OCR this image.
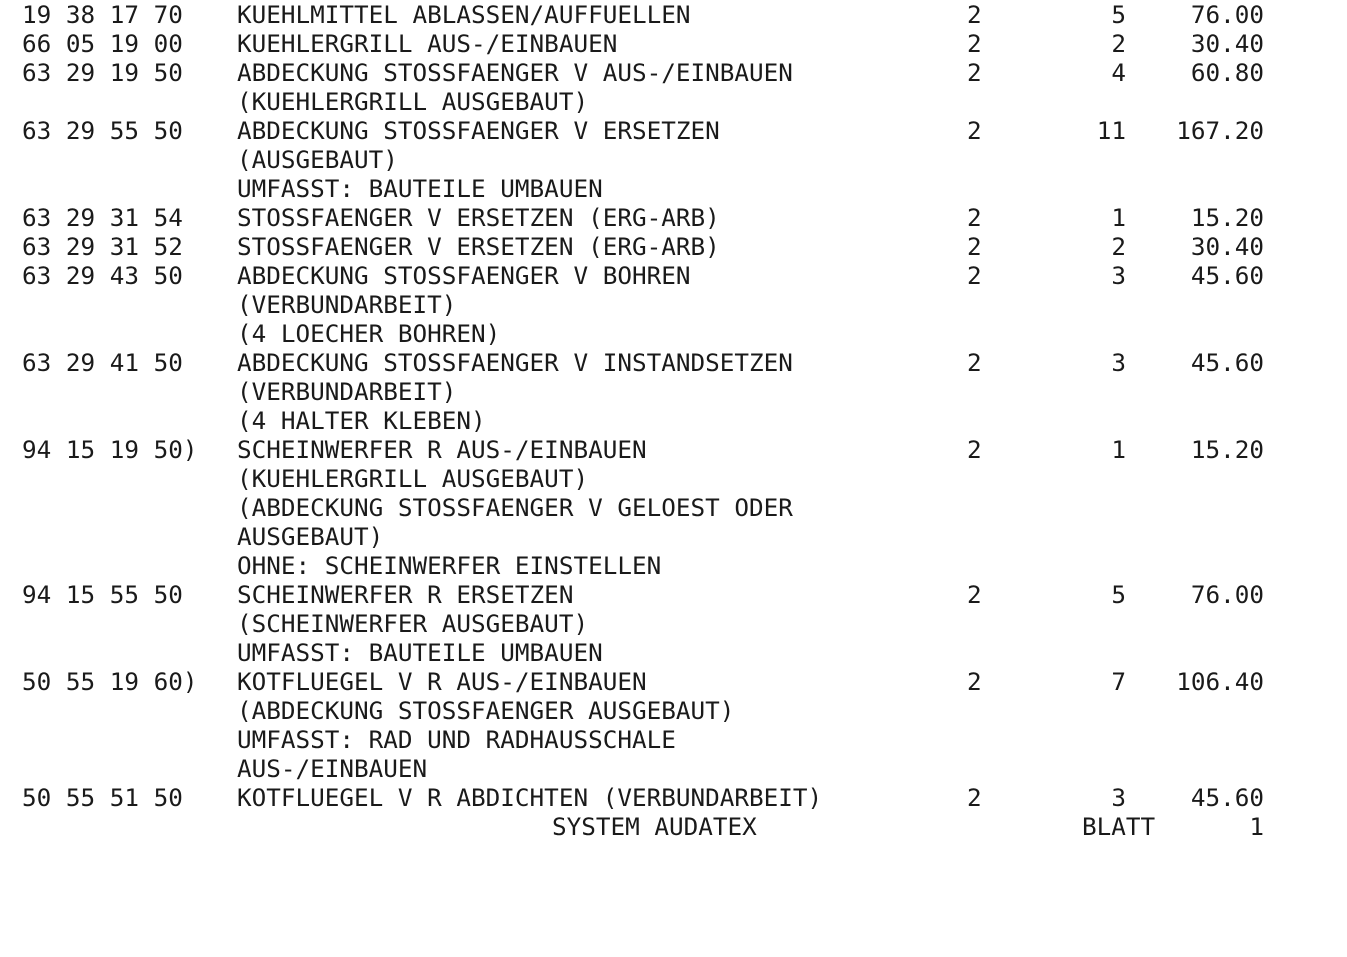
19 38 17 70 KUEHLMITTEL ABLASSEN/AUFFUELLEN	2	5	76.00
66 05 19 00 KUEHLERGRILL AUS-/EINBAUEN	2	2	30.40
63 29 19 50 ABDECKUNG STOSSFAENGER V AUS-/EINBAUEN	2	4	60.80
(KUEHLERGRILL AUSGEBAUT)
63 29 55 50 ABDECKUNG STOSSFAENGER V ERSETZEN	2	11	167.20
(AUSGEBAUT)
UMFASST: BAUTEILE UMBAUEN
63 29 31 54 STOSSFAENGER V ERSETZEN (ERG-ARB)	2	1	15.20
63 29 31 52 STOSSFAENGER V ERSETZEN (ERG-ARB)	2	2	30.40
63 29 43 50 ABDECKUNG STOSSFAENGER V BOHREN	2	3	45.60
(VERBUNDARBEIT)
(4 LOECHER BOHREN)
63 29 41 50 ABDECKUNG STOSSFAENGER V INSTANDSETZEN	2	3	45.60
(VERBUNDARBEIT)
(4 HALTER KLEBEN)
94 15 19 50) SCHEINWERFER R AUS-/EINBAUEN	2	1	15.20
(KUEHLERGRILL AUSGEBAUT)
(ABDECKUNG STOSSFAENGER V GELOEST ODER
AUSGEBAUT)
OHNE: SCHEINWERFER EINSTELLEN
94 15 55 50 SCHEINWERFER R ERSETZEN	2	5	76.00
(SCHEINWERFER AUSGEBAUT)
UMFASST: BAUTEILE UMBAUEN
50 55 19 60) KOTFLUEGEL V R AUS-/EINBAUEN	2	7	106.40
(ABDECKUNG STOSSFAENGER AUSGEBAUT)
UMFASST: RAD UND RADHAUSSCHALE
AUS-/EINBAUEN
50 55 51 50 KOTFLUEGEL V R ABDICHTEN (VERBUNDARBEIT)	2	3	45.60

SYSTEM AUDATEX

	BLATT

	1
